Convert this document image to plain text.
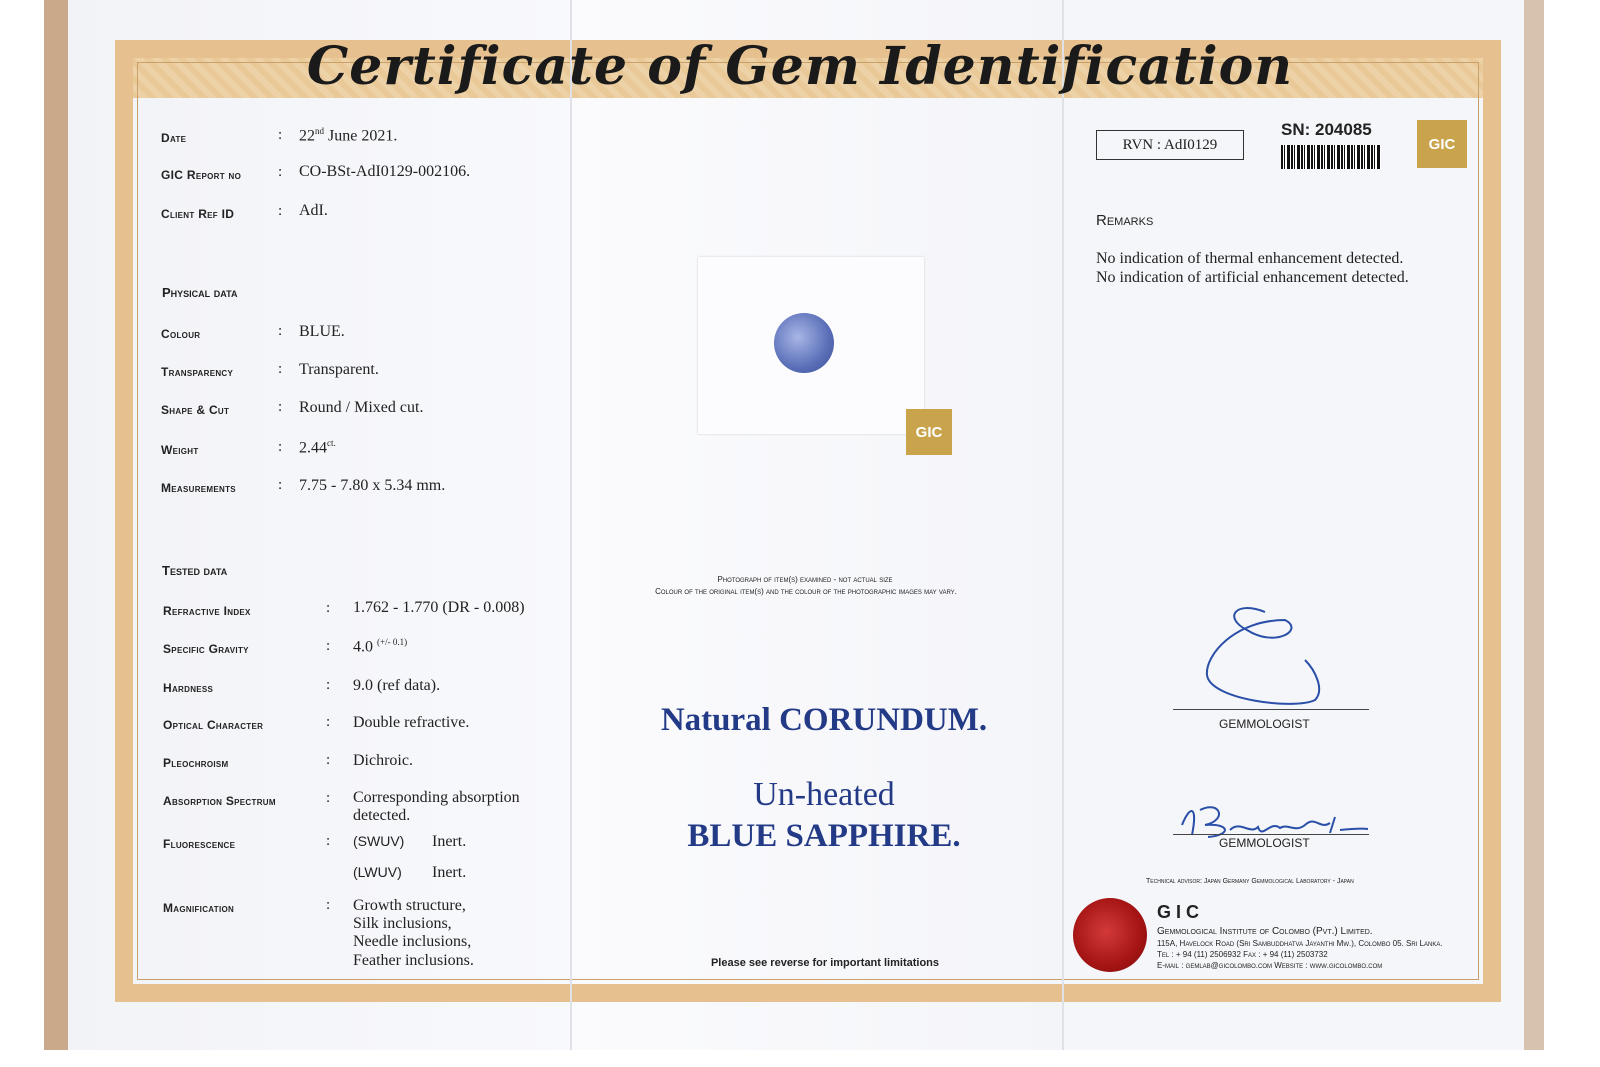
Certificate of Gem Identification
Date	: 22nd June 2021.
GIC Report no : CO-BSt-AdI0129-002106.
Client Ref ID	: AdI.
Physical data
Colour	: BLUE.
Transparency	: Transparent.
Shape & Cut	: Round / Mixed cut.
Weight	: $2.44^{ct.}$
Measurements	: 7.75 - 7.80 x 5.34 mm.
Tested data
Refractive Index	: 1.762 - 1.770 (DR - 0.008)
Specific Gravity	: 4.0 $^{(+/- 0.1)}$
Hardness	: 9.0 (ref data).
Optical Character	: Double refractive.
Pleochroism	: Dichroic.
Absorption Spectrum	: Corresponding absorption
detected.
Fluorescence	: (SWUV) Inert.
(LWUV) Inert.
Magnification	: Growth structure,
Silk inclusions,
Needle inclusions,
Feather inclusions.
GIC
Photograph of item(s) examined - not actual size
Colour of the original item(s) and the colour of the photographic images may vary.
Natural CORUNDUM.
Un-heated
BLUE SAPPHIRE.
Please see reverse for important limitations
RVN : AdI0129
SN: 204085
GIC
Remarks
No indication of thermal enhancement detected.
No indication of artificial enhancement detected.
GEMMOLOGIST
GEMMOLOGIST
Technical advisor: Japan Germany Gemmological Laboratory - Japan
GIC
Gemmological Institute of Colombo (Pvt.) Limited.
115A, Havelock Road (Sri Sambuddhatva Jayanthi Mw.), Colombo 05. Sri Lanka.
Tel : + 94 (11) 2506932 Fax : + 94 (11) 2503732
E-mail : gemlab@gicolombo.com Website : www.gicolombo.com
